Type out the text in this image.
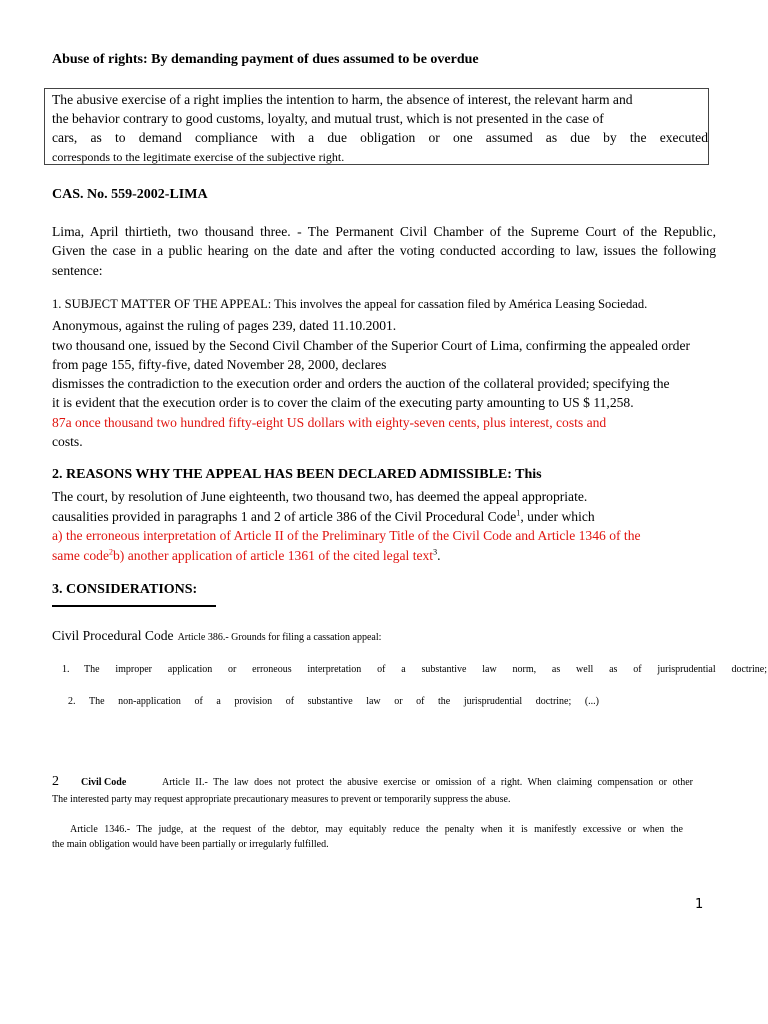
Abuse of rights: By demanding payment of dues assumed to be overdue
The abusive exercise of a right implies the intention to harm, the absence of interest, the relevant harm and
the behavior contrary to good customs, loyalty, and mutual trust, which is not presented in the case of
cars, as to demand compliance with a due obligation or one assumed as due by the executed
corresponds to the legitimate exercise of the subjective right.
CAS. No. 559-2002-LIMA
Lima, April thirtieth, two thousand three. - The Permanent Civil Chamber of the Supreme Court of the Republic,
Given the case in a public hearing on the date and after the voting conducted according to law, issues the following
sentence:
1. SUBJECT MATTER OF THE APPEAL: This involves the appeal for cassation filed by América Leasing Sociedad.
Anonymous, against the ruling of pages 239, dated 11.10.2001.
two thousand one, issued by the Second Civil Chamber of the Superior Court of Lima, confirming the appealed order
from page 155, fifty-five, dated November 28, 2000, declares
dismisses the contradiction to the execution order and orders the auction of the collateral provided; specifying the
it is evident that the execution order is to cover the claim of the executing party amounting to US $ 11,258.
87a once thousand two hundred fifty-eight US dollars with eighty-seven cents, plus interest, costs and
costs.
2. REASONS WHY THE APPEAL HAS BEEN DECLARED ADMISSIBLE: This
The court, by resolution of June eighteenth, two thousand two, has deemed the appeal appropriate.
causalities provided in paragraphs 1 and 2 of article 386 of the Civil Procedural Code$^1$, under which
a) the erroneous interpretation of Article II of the Preliminary Title of the Civil Code and Article 1346 of the
same code$^2$b) another application of article 1361 of the cited legal text$^3$.
3. CONSIDERATIONS:
Civil Procedural Code Article 386.- Grounds for filing a cassation appeal:
1. The improper application or erroneous interpretation of a substantive law norm, as well as of jurisprudential doctrine;
2. The non-application of a provision of substantive law or of the jurisprudential doctrine; (...)
2 Civil Code	Article II.- The law does not protect the abusive exercise or omission of a right. When claiming compensation or other
The interested party may request appropriate precautionary measures to prevent or temporarily suppress the abuse.
Article 1346.- The judge, at the request of the debtor, may equitably reduce the penalty when it is manifestly excessive or when the
the main obligation would have been partially or irregularly fulfilled.
1
